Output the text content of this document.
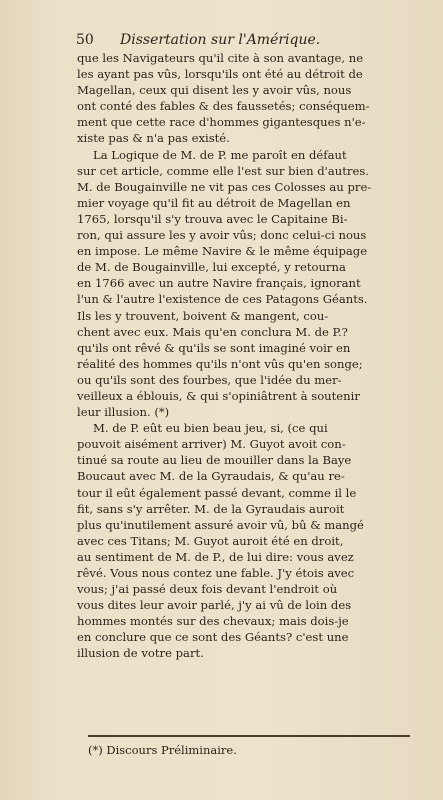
50 Dissertation sur l'Amérique.
que les Navigateurs qu'il cite à son avantage, ne
les ayant pas vûs, lorsqu'ils ont été au détroit de
Magellan, ceux qui disent les y avoir vûs, nous
ont conté des fables & des faussetés; conséquem-
ment que cette race d'hommes gigantesques n'e-
xiste pas & n'a pas existé.
La Logique de M. de P. me paroît en défaut
sur cet article, comme elle l'est sur bien d'autres.
M. de Bougainville ne vit pas ces Colosses au pre-
mier voyage qu'il fit au détroit de Magellan en
1765, lorsqu'il s'y trouva avec le Capitaine Bi-
ron, qui assure les y avoir vûs; donc celui-ci nous
en impose. Le même Navire & le même équipage
de M. de Bougainville, lui excepté, y retourna
en 1766 avec un autre Navire français, ignorant
l'un & l'autre l'existence de ces Patagons Géants.
Ils les y trouvent, boivent & mangent, cou-
chent avec eux. Mais qu'en conclura M. de P.?
qu'ils ont rêvé & qu'ils se sont imaginé voir en
réalité des hommes qu'ils n'ont vûs qu'en songe;
ou qu'ils sont des fourbes, que l'idée du mer-
veilleux a éblouis, & qui s'opiniâtrent à soutenir
leur illusion. (*)
M. de P. eût eu bien beau jeu, si, (ce qui
pouvoit aisément arriver) M. Guyot avoit con-
tinué sa route au lieu de mouiller dans la Baye
Boucaut avec M. de la Gyraudais, & qu'au re-
tour il eût également passé devant, comme il le
fit, sans s'y arrêter. M. de la Gyraudais auroit
plus qu'inutilement assuré avoir vû, bû & mangé
avec ces Titans; M. Guyot auroit été en droit,
au sentiment de M. de P., de lui dire: vous avez
rêvé. Vous nous contez une fable. J'y étois avec
vous; j'ai passé deux fois devant l'endroit où
vous dites leur avoir parlé, j'y ai vû de loin des
hommes montés sur des chevaux; mais dois-je
en conclure que ce sont des Géants? c'est une
illusion de votre part.
(*) Discours Préliminaire.
